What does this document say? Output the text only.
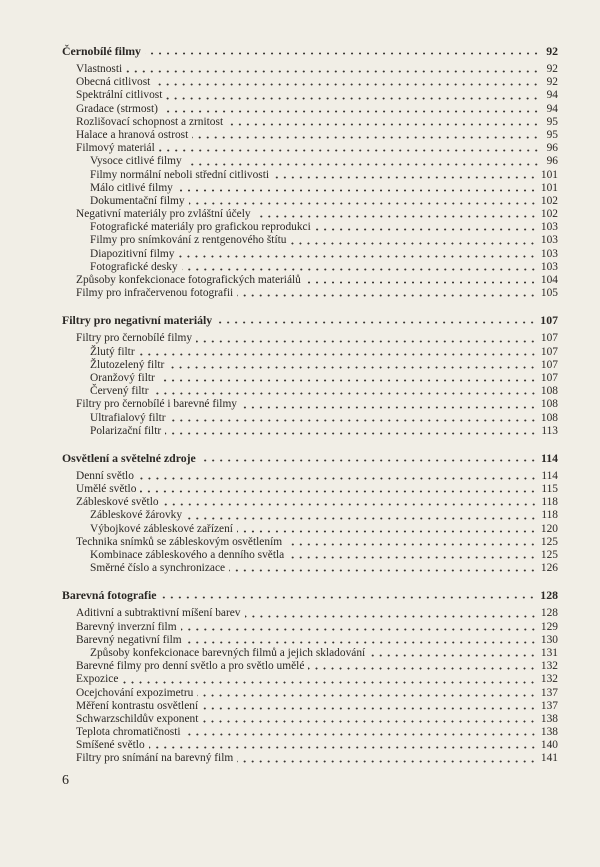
Černobílé filmy	92
Vlastnosti	92
Obecná citlivost	92
Spektrální citlivost	94
Gradace (strmost)	94
Rozlišovací schopnost a zrnitost	95
Halace a hranová ostrost	95
Filmový materiál	96
Vysoce citlivé filmy	96
Filmy normální neboli střední citlivosti	101
Málo citlivé filmy	101
Dokumentační filmy	102
Negativní materiály pro zvláštní účely	102
Fotografické materiály pro grafickou reprodukci	103
Filmy pro snímkování z rentgenového štítu	103
Diapozitivní filmy	103
Fotografické desky	103
Způsoby konfekcionace fotografických materiálů	104
Filmy pro infračervenou fotografii	105
Filtry pro negativní materiály	107
Filtry pro černobílé filmy	107
Žlutý filtr	107
Žlutozelený filtr	107
Oranžový filtr	107
Červený filtr	108
Filtry pro černobílé i barevné filmy	108
Ultrafialový filtr	108
Polarizační filtr	113
Osvětlení a světelné zdroje	114
Denní světlo	114
Umělé světlo	115
Zábleskové světlo	118
Zábleskové žárovky	118
Výbojkové zábleskové zařízení	120
Technika snímků se zábleskovým osvětlením	125
Kombinace zábleskového a denního světla	125
Směrné číslo a synchronizace	126
Barevná fotografie	128
Aditivní a subtraktivní míšení barev	128
Barevný inverzní film	129
Barevný negativní film	130
Způsoby konfekcionace barevných filmů a jejich skladování	131
Barevné filmy pro denní světlo a pro světlo umělé	132
Expozice	132
Ocejchování expozimetru	137
Měření kontrastu osvětlení	137
Schwarzschildův exponent	138
Teplota chromatičnosti	138
Smíšené světlo	140
Filtry pro snímání na barevný film	141
6
